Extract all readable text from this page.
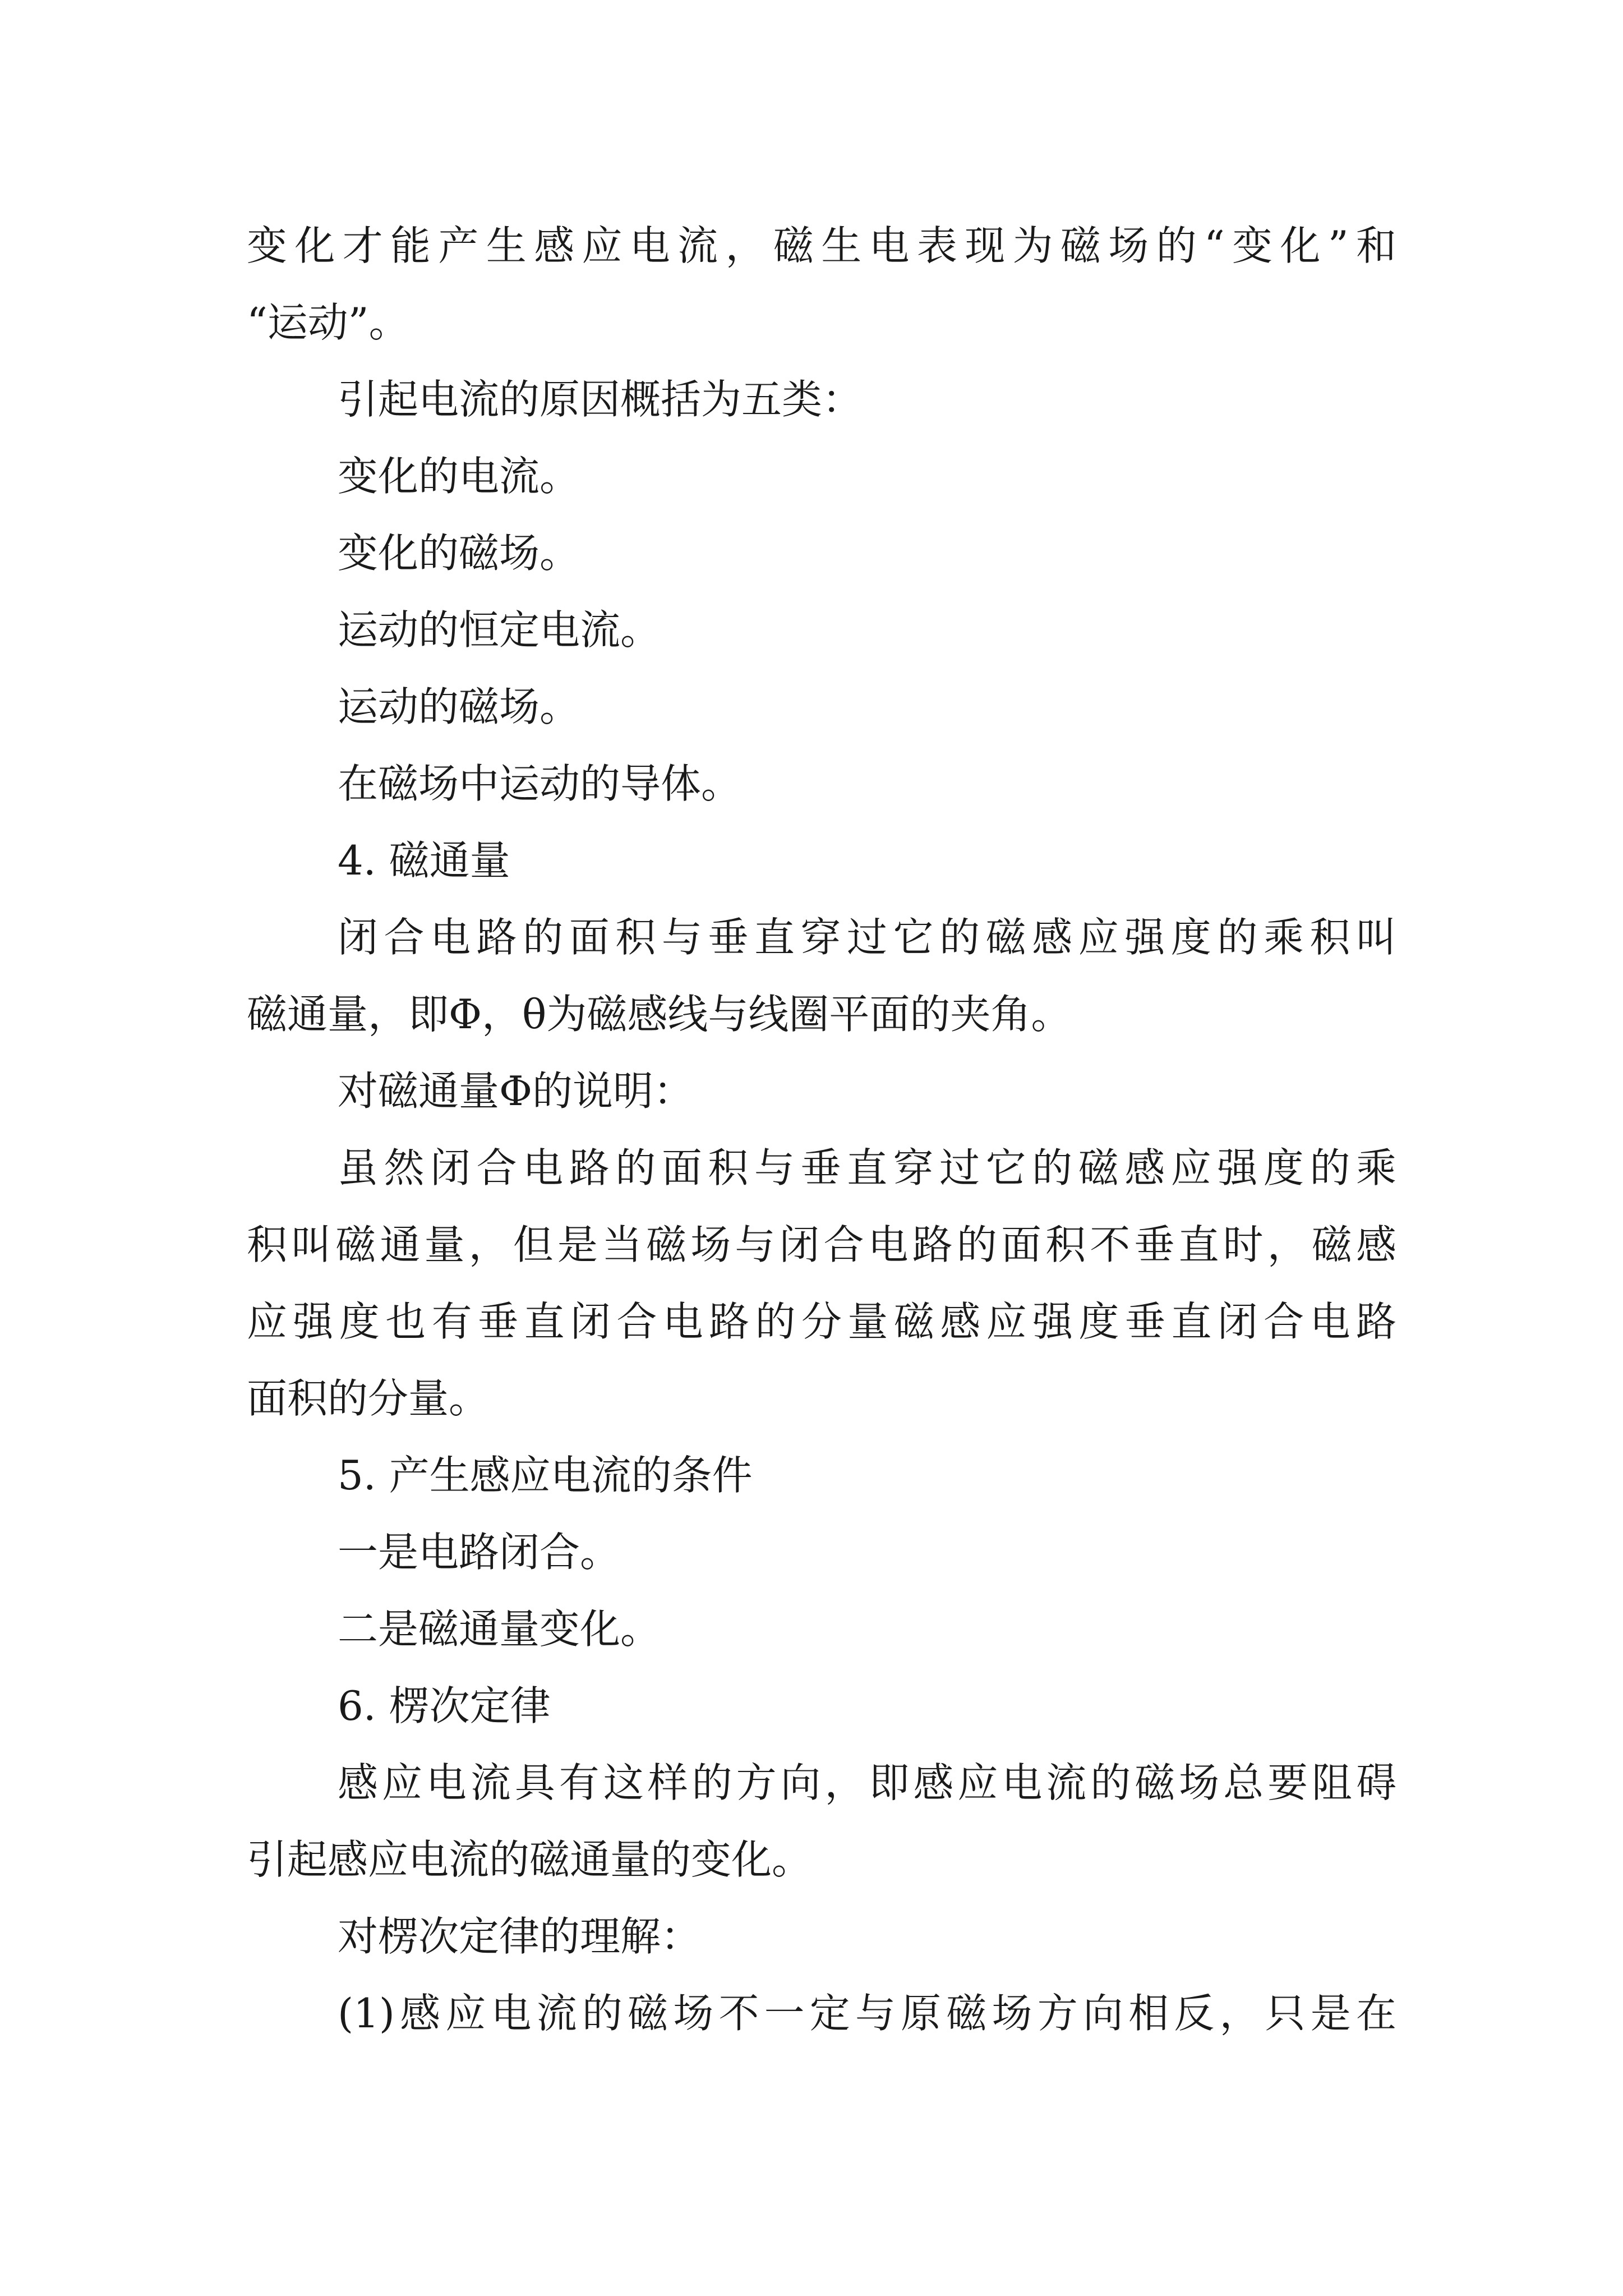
变化才能产生感应电流，磁生电表现为磁场的“变化”和
“运动”。
引起电流的原因概括为五类：
变化的电流。
变化的磁场。
运动的恒定电流。
运动的磁场。
在磁场中运动的导体。
4. 磁通量
闭合电路的面积与垂直穿过它的磁感应强度的乘积叫
磁通量，即Φ，θ为磁感线与线圈平面的夹角。
对磁通量Φ的说明：
虽然闭合电路的面积与垂直穿过它的磁感应强度的乘
积叫磁通量，但是当磁场与闭合电路的面积不垂直时，磁感
应强度也有垂直闭合电路的分量磁感应强度垂直闭合电路
面积的分量。
5. 产生感应电流的条件
一是电路闭合。
二是磁通量变化。
6. 楞次定律
感应电流具有这样的方向，即感应电流的磁场总要阻碍
引起感应电流的磁通量的变化。
对楞次定律的理解：
(1)感应电流的磁场不一定与原磁场方向相反，只是在
